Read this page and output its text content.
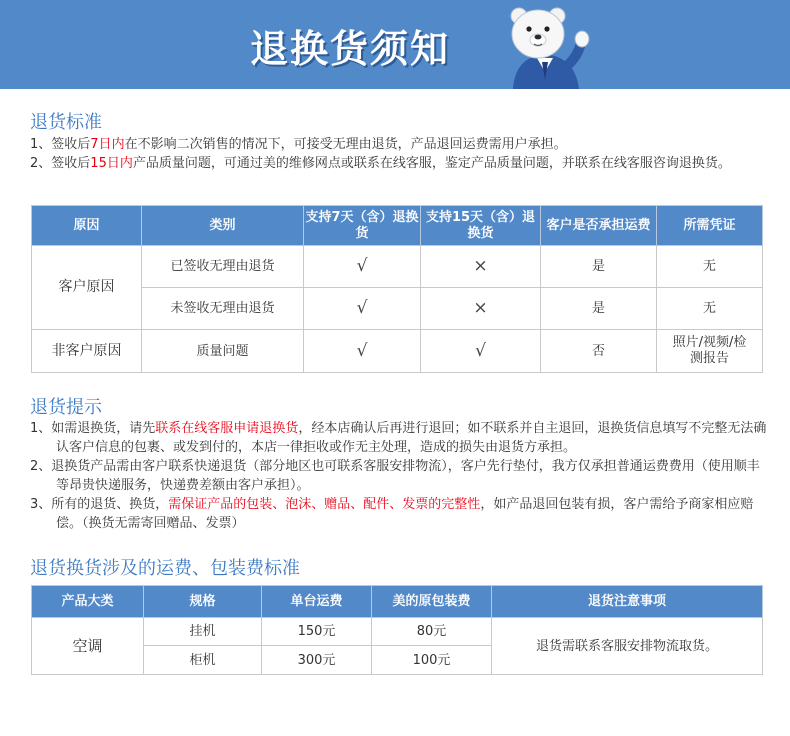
退换货须知
退货标准

1、签收后7日内在不影响二次销售的情况下，可接受无理由退货，产品退回运费需用户承担。

2、签收后15日内产品质量问题，可通过美的维修网点或联系在线客服，鉴定产品质量问题，并联系在线客服咨询退换货。

原因	类别	支持7天（含）退换货	支持15天（含）退换货	客户是否承担运费	所需凭证
客户原因	已签收无理由退货	√	×	是	无
	未签收无理由退货	√	×	是	无
非客户原因	质量问题	√	√	否	照片/视频/检测报告
退货提示

1、如需退换货，请先联系在线客服申请退换货，经本店确认后再进行退回；如不联系并自主退回，退换货信息填写不完整无法确认客户信息的包裹、或发到付的，本店一律拒收或作无主处理，造成的损失由退货方承担。

2、退换货产品需由客户联系快递退货（部分地区也可联系客服安排物流），客户先行垫付，我方仅承担普通运费费用（使用顺丰等昂贵快递服务，快递费差额由客户承担）。

3、所有的退货、换货，需保证产品的包装、泡沫、赠品、配件、发票的完整性，如产品退回包装有损，客户需给予商家相应赔偿。（换货无需寄回赠品、发票）

退货换货涉及的运费、包装费标准
产品大类	规格	单台运费	美的原包装费	退货注意事项
空调	挂机	150元	80元	退货需联系客服安排物流取货。
	柜机	300元	100元	
